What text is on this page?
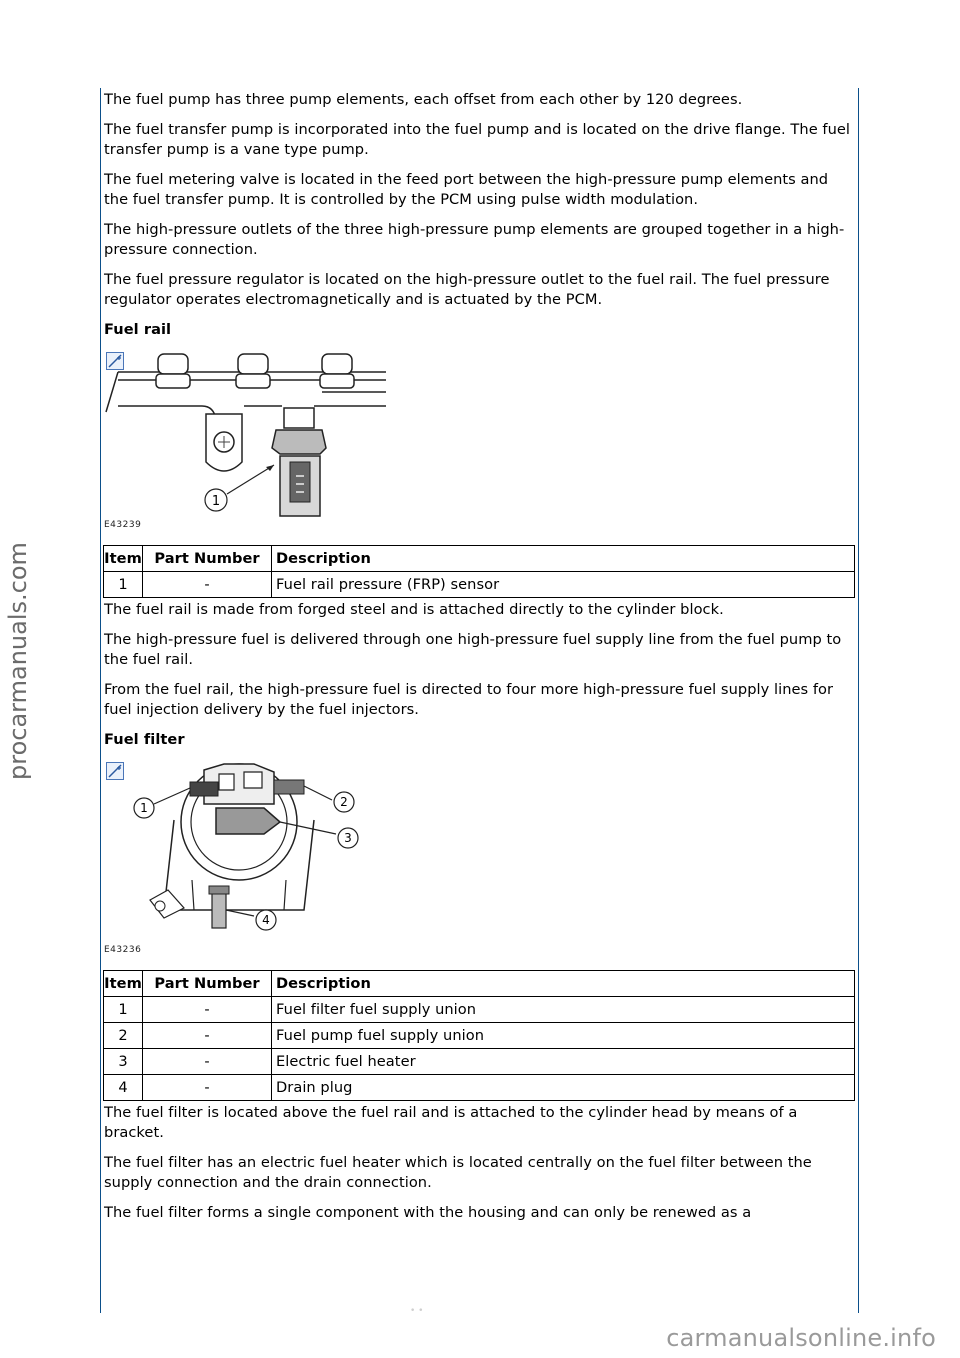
The fuel pump has three pump elements, each offset from each other by 120 degrees.

The fuel transfer pump is incorporated into the fuel pump and is located on the drive flange. The fuel transfer pump is a vane type pump.

The fuel metering valve is located in the feed port between the high-pressure pump elements and the fuel transfer pump. It is controlled by the PCM using pulse width modulation.

The high-pressure outlets of the three high-pressure pump elements are grouped together in a high-pressure connection.

The fuel pressure regulator is located on the high-pressure outlet to the fuel rail. The fuel pressure regulator operates electromagnetically and is actuated by the PCM.

Fuel rail
1
E43239
Item	Part Number	Description
1	-	Fuel rail pressure (FRP) sensor

The fuel rail is made from forged steel and is attached directly to the cylinder block.

The high-pressure fuel is delivered through one high-pressure fuel supply line from the fuel pump to the fuel rail.

From the fuel rail, the high-pressure fuel is directed to four more high-pressure fuel supply lines for fuel injection delivery by the fuel injectors.

Fuel filter
1	2
3
4
E43236
Item	Part Number	Description
1	-	Fuel filter fuel supply union
2	-	Fuel pump fuel supply union
3	-	Electric fuel heater
4	-	Drain plug

The fuel filter is located above the fuel rail and is attached to the cylinder head by means of a bracket.

The fuel filter has an electric fuel heater which is located centrally on the fuel filter between the supply connection and the drain connection.

The fuel filter forms a single component with the housing and can only be renewed as a

• •
procarmanuals.com
carmanualsonline.info
